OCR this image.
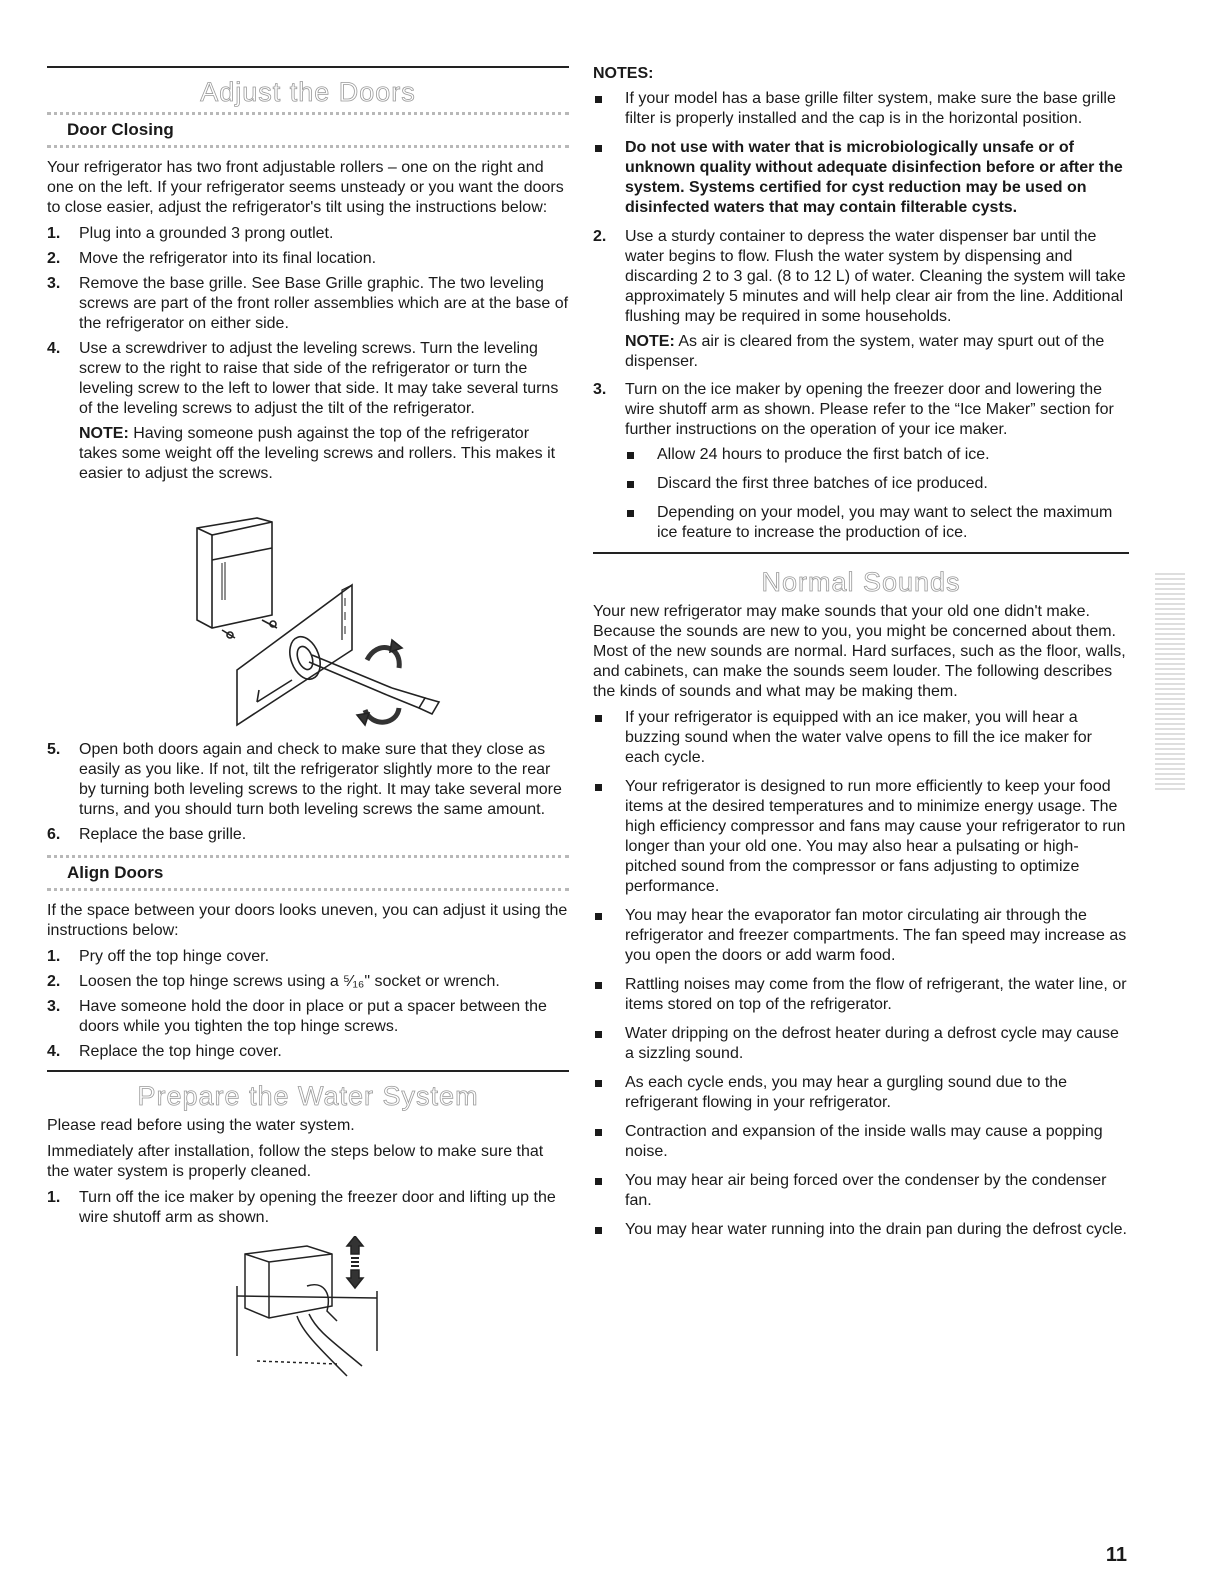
Adjust the Doors
Door Closing

Your refrigerator has two front adjustable rollers – one on the right and one on the left. If your refrigerator seems unsteady or you want the doors to close easier, adjust the refrigerator's tilt using the instructions below:

1. Plug into a grounded 3 prong outlet.
2. Move the refrigerator into its final location.
3. Remove the base grille. See Base Grille graphic. The two leveling screws are part of the front roller assemblies which are at the base of the refrigerator on either side.
4. Use a screwdriver to adjust the leveling screws. Turn the leveling screw to the right to raise that side of the refrigerator or turn the leveling screw to the left to lower that side. It may take several turns of the leveling screws to adjust the tilt of the refrigerator.

NOTE: Having someone push against the top of the refrigerator takes some weight off the leveling screws and rollers. This makes it easier to adjust the screws.

5. Open both doors again and check to make sure that they close as easily as you like. If not, tilt the refrigerator slightly more to the rear by turning both leveling screws to the right. It may take several more turns, and you should turn both leveling screws the same amount.
6. Replace the base grille.
Align Doors

If the space between your doors looks uneven, you can adjust it using the instructions below:

1. Pry off the top hinge cover.
2. Loosen the top hinge screws using a ⁵⁄₁₆" socket or wrench.
3. Have someone hold the door in place or put a spacer between the doors while you tighten the top hinge screws.
4. Replace the top hinge cover.
Prepare the Water System

Please read before using the water system.

Immediately after installation, follow the steps below to make sure that the water system is properly cleaned.

1. Turn off the ice maker by opening the freezer door and lifting up the wire shutoff arm as shown.
NOTES:
If your model has a base grille filter system, make sure the base grille filter is properly installed and the cap is in the horizontal position.
Do not use with water that is microbiologically unsafe or of unknown quality without adequate disinfection before or after the system. Systems certified for cyst reduction may be used on disinfected waters that may contain filterable cysts.
2. Use a sturdy container to depress the water dispenser bar until the water begins to flow. Flush the water system by dispensing and discarding 2 to 3 gal. (8 to 12 L) of water. Cleaning the system will take approximately 5 minutes and will help clear air from the line. Additional flushing may be required in some households.

NOTE: As air is cleared from the system, water may spurt out of the dispenser.

3. Turn on the ice maker by opening the freezer door and lowering the wire shutoff arm as shown. Please refer to the “Ice Maker” section for further instructions on the operation of your ice maker.
Allow 24 hours to produce the first batch of ice.
Discard the first three batches of ice produced.
Depending on your model, you may want to select the maximum ice feature to increase the production of ice.
Normal Sounds

Your new refrigerator may make sounds that your old one didn't make. Because the sounds are new to you, you might be concerned about them. Most of the new sounds are normal. Hard surfaces, such as the floor, walls, and cabinets, can make the sounds seem louder. The following describes the kinds of sounds and what may be making them.

If your refrigerator is equipped with an ice maker, you will hear a buzzing sound when the water valve opens to fill the ice maker for each cycle.
Your refrigerator is designed to run more efficiently to keep your food items at the desired temperatures and to minimize energy usage. The high efficiency compressor and fans may cause your refrigerator to run longer than your old one. You may also hear a pulsating or high-pitched sound from the compressor or fans adjusting to optimize performance.
You may hear the evaporator fan motor circulating air through the refrigerator and freezer compartments. The fan speed may increase as you open the doors or add warm food.
Rattling noises may come from the flow of refrigerant, the water line, or items stored on top of the refrigerator.
Water dripping on the defrost heater during a defrost cycle may cause a sizzling sound.
As each cycle ends, you may hear a gurgling sound due to the refrigerant flowing in your refrigerator.
Contraction and expansion of the inside walls may cause a popping noise.
You may hear air being forced over the condenser by the condenser fan.
You may hear water running into the drain pan during the defrost cycle.
11
